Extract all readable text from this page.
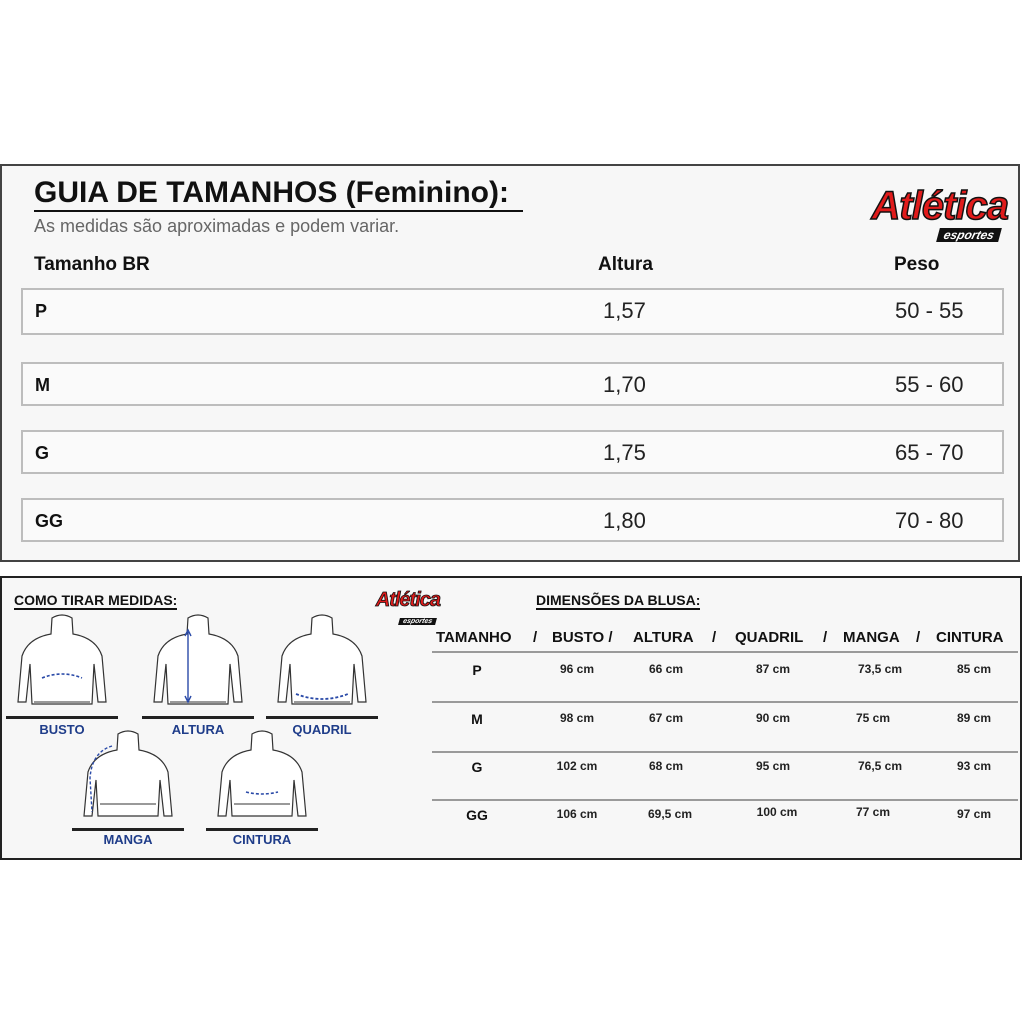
GUIA DE TAMANHOS (Feminino):
As medidas são aproximadas e podem variar.	Atlética
esportes
Tamanho BR	Altura	Peso
P	1,57	50 - 55
M	1,70	55 - 60
G	1,75	65 - 70
GG	1,80	70 - 80
COMO TIRAR MEDIDAS:	Atlética
esportes
BUSTO	ALTURA	QUADRIL
MANGA	CINTURA
DIMENSÕES DA BLUSA:
TAMANHO / BUSTO / ALTURA / QUADRIL / MANGA / CINTURA
P	96 cm	66 cm	87 cm	73,5 cm	85 cm
M	98 cm	67 cm	90 cm	75 cm	89 cm
G	102 cm	68 cm	95 cm	76,5 cm	93 cm
GG	106 cm	69,5 cm	100 cm	77 cm	97 cm
